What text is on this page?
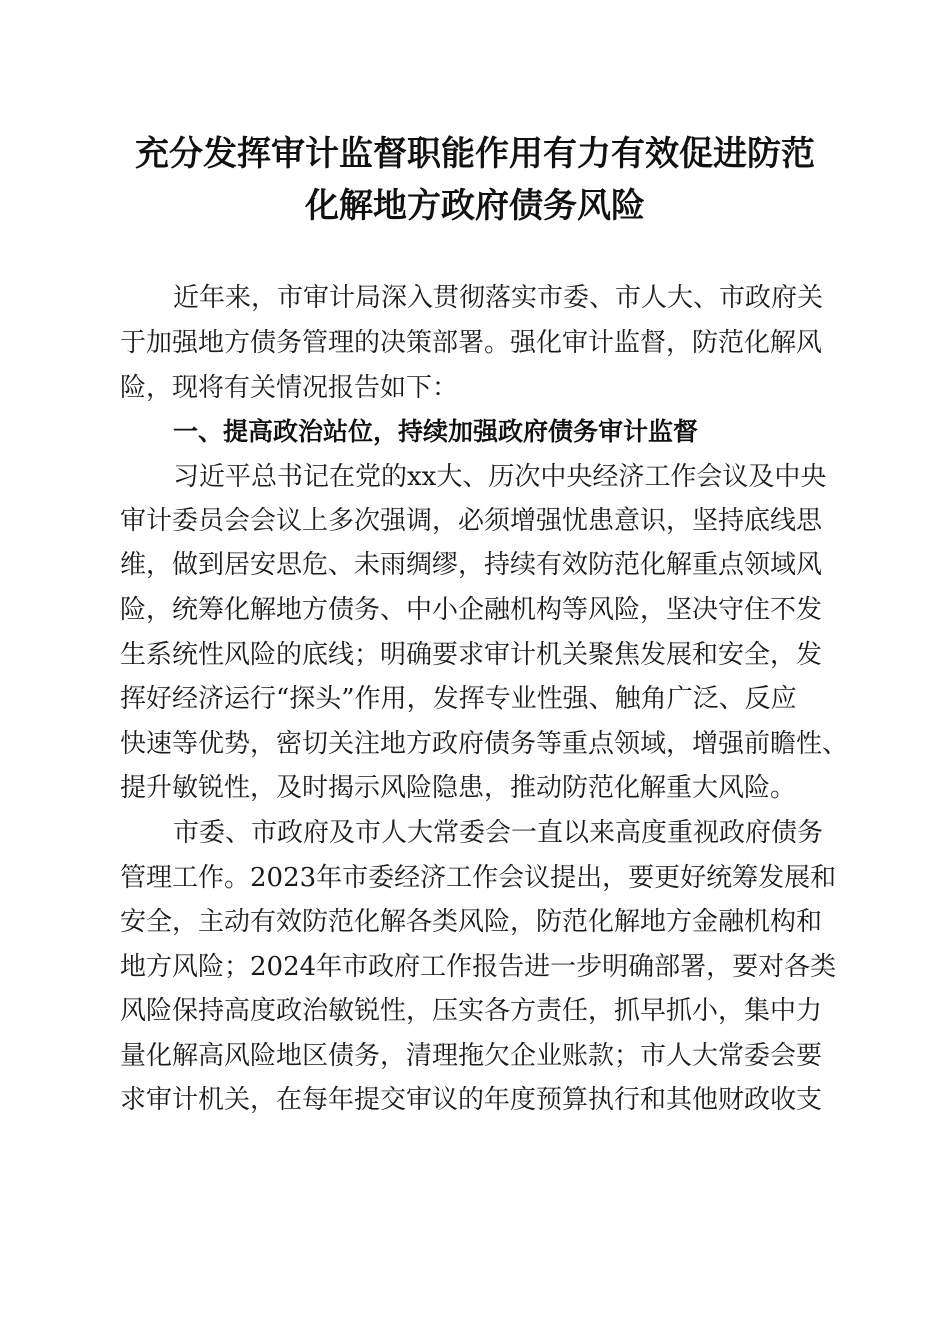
充分发挥审计监督职能作用有力有效促进防范
化解地方政府债务风险
近年来，市审计局深入贯彻落实市委、市人大、市政府关
于加强地方债务管理的决策部署。强化审计监督，防范化解风
险，现将有关情况报告如下：
一、提高政治站位，持续加强政府债务审计监督
习近平总书记在党的xx大、历次中央经济工作会议及中央
审计委员会会议上多次强调，必须增强忧患意识，坚持底线思
维，做到居安思危、未雨绸缪，持续有效防范化解重点领域风
险，统筹化解地方债务、中小企融机构等风险，坚决守住不发
生系统性风险的底线；明确要求审计机关聚焦发展和安全，发
挥好经济运行“探头”作用，发挥专业性强、触角广泛、反应
快速等优势，密切关注地方政府债务等重点领域，增强前瞻性、
提升敏锐性，及时揭示风险隐患，推动防范化解重大风险。
市委、市政府及市人大常委会一直以来高度重视政府债务
管理工作。2023年市委经济工作会议提出，要更好统筹发展和
安全，主动有效防范化解各类风险，防范化解地方金融机构和
地方风险；2024年市政府工作报告进一步明确部署，要对各类
风险保持高度政治敏锐性，压实各方责任，抓早抓小，集中力
量化解高风险地区债务，清理拖欠企业账款；市人大常委会要
求审计机关，在每年提交审议的年度预算执行和其他财政收支
